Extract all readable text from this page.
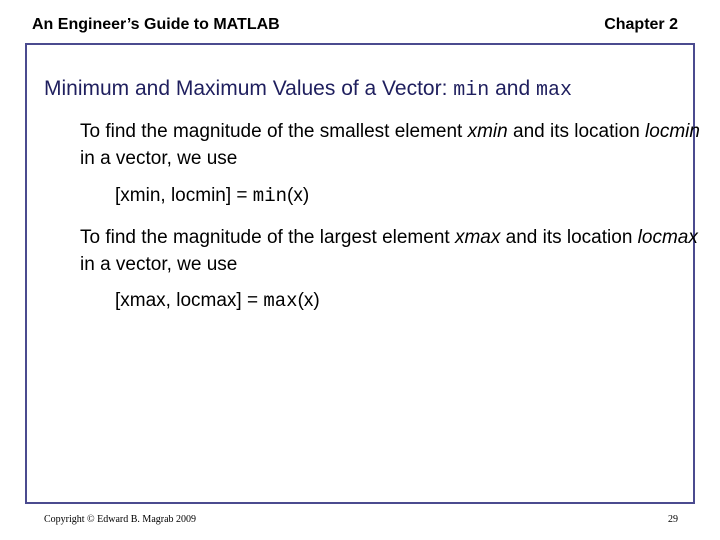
An Engineer’s Guide to MATLAB	Chapter 2
Minimum and Maximum Values of a Vector: min and max
To find the magnitude of the smallest element xmin and its location locmin in a vector, we use
[xmin, locmin] = min(x)
To find the magnitude of the largest element xmax and its location locmax in a vector, we use
[xmax, locmax] = max(x)
Copyright © Edward B. Magrab 2009	29
